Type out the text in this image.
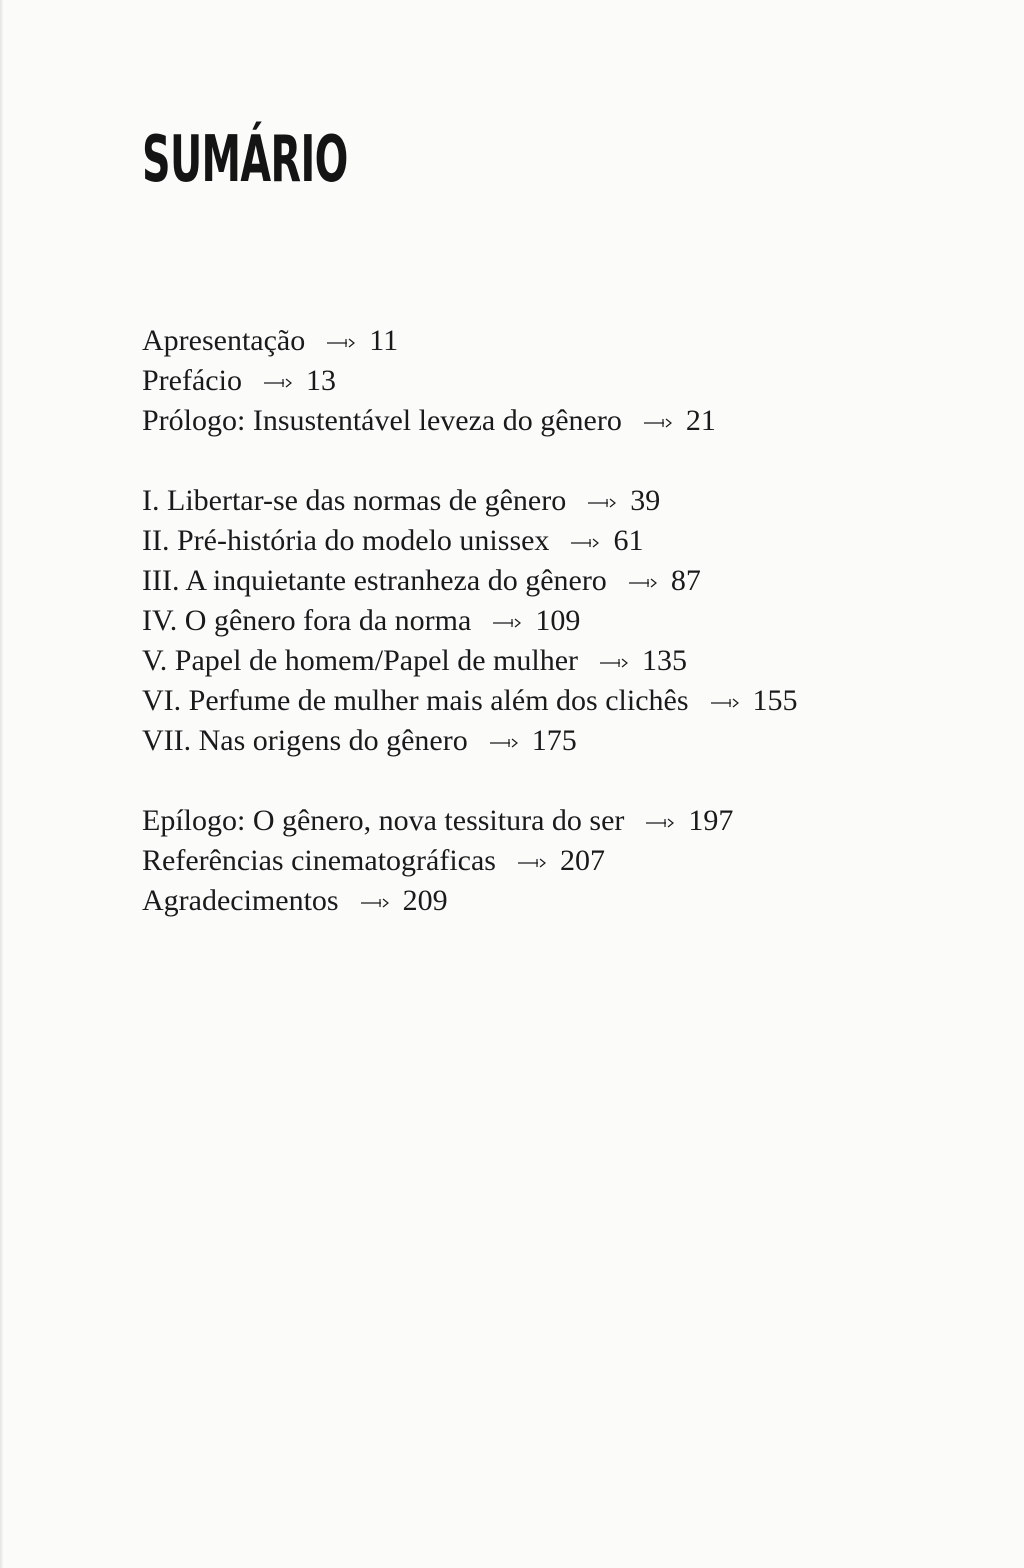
SUMÁRIO
Apresentação 11
Prefácio 13
Prólogo: Insustentável leveza do gênero 21
I. Libertar-se das normas de gênero 39
II. Pré-história do modelo unissex 61
III. A inquietante estranheza do gênero 87
IV. O gênero fora da norma 109
V. Papel de homem/Papel de mulher 135
VI. Perfume de mulher mais além dos clichês 155
VII. Nas origens do gênero 175
Epílogo: O gênero, nova tessitura do ser 197
Referências cinematográficas 207
Agradecimentos 209
